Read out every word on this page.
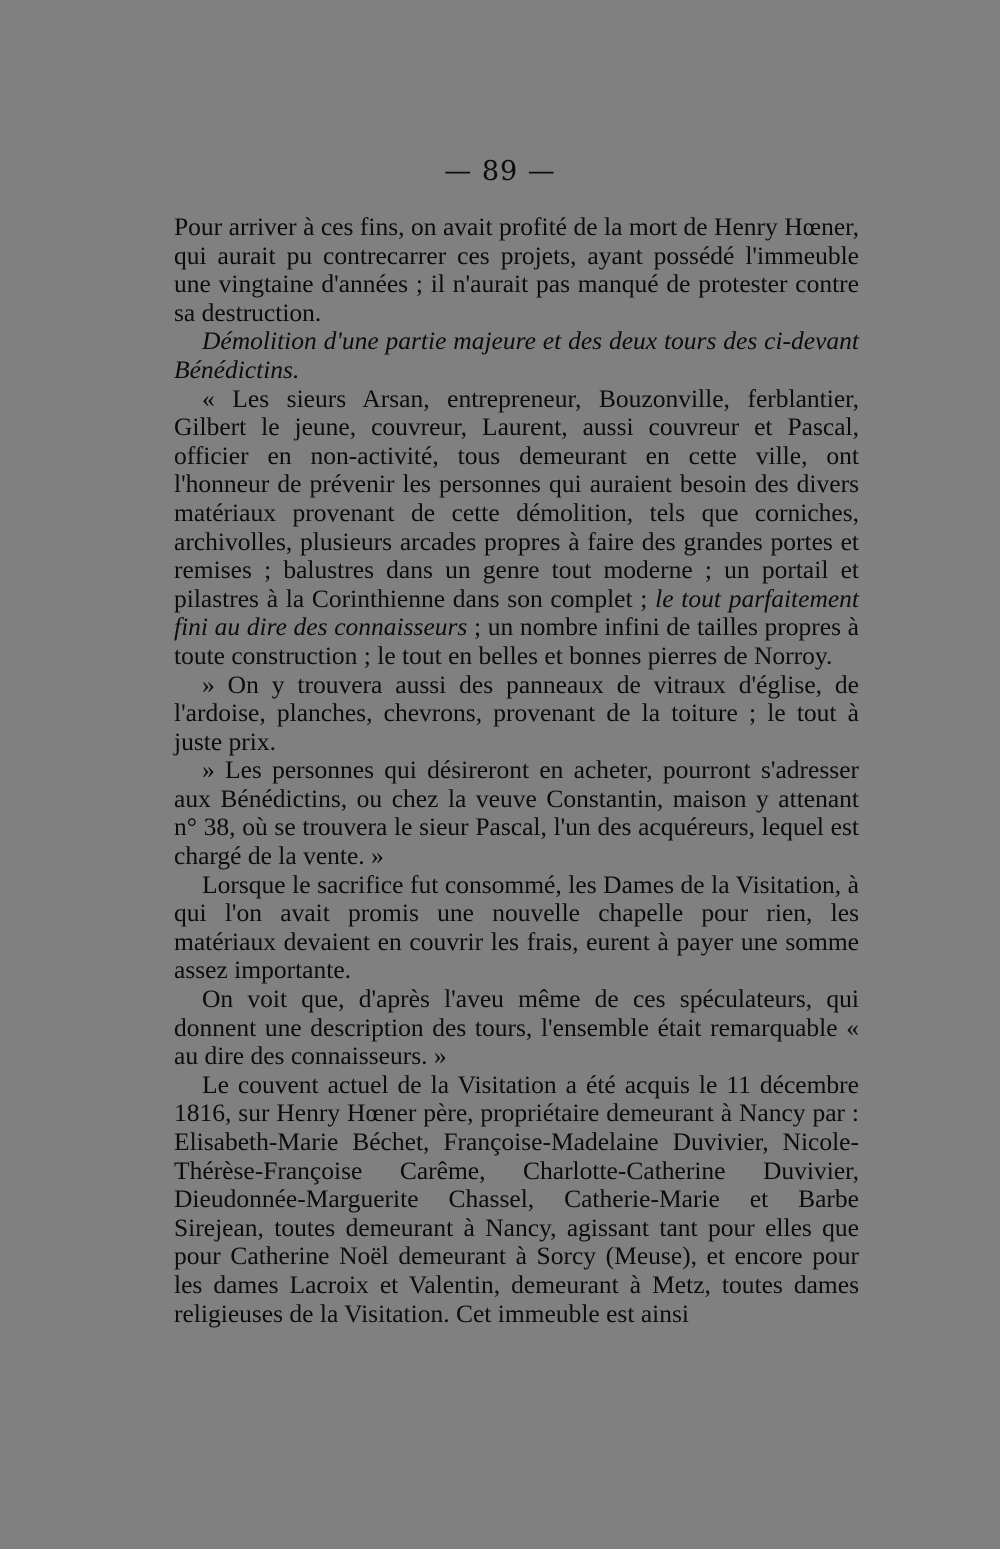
— 89 —

Pour arriver à ces fins, on avait profité de la mort de Henry Hœner, qui aurait pu contrecarrer ces projets, ayant possédé l'immeuble une vingtaine d'années ; il n'aurait pas manqué de protester contre sa destruction.

Démolition d'une partie majeure et des deux tours des ci-devant Bénédictins.

« Les sieurs Arsan, entrepreneur, Bouzonville, ferblantier, Gilbert le jeune, couvreur, Laurent, aussi couvreur et Pascal, officier en non-activité, tous demeurant en cette ville, ont l'honneur de prévenir les personnes qui auraient besoin des divers matériaux provenant de cette démolition, tels que corniches, archivolles, plusieurs arcades propres à faire des grandes portes et remises ; balustres dans un genre tout moderne ; un portail et pilastres à la Corinthienne dans son complet ; le tout parfaitement fini au dire des connaisseurs ; un nombre infini de tailles propres à toute construction ; le tout en belles et bonnes pierres de Norroy.

» On y trouvera aussi des panneaux de vitraux d'église, de l'ardoise, planches, chevrons, provenant de la toiture ; le tout à juste prix.

» Les personnes qui désireront en acheter, pourront s'adresser aux Bénédictins, ou chez la veuve Constantin, maison y attenant n° 38, où se trouvera le sieur Pascal, l'un des acquéreurs, lequel est chargé de la vente. »

Lorsque le sacrifice fut consommé, les Dames de la Visitation, à qui l'on avait promis une nouvelle chapelle pour rien, les matériaux devaient en couvrir les frais, eurent à payer une somme assez importante.

On voit que, d'après l'aveu même de ces spéculateurs, qui donnent une description des tours, l'ensemble était remarquable « au dire des connaisseurs. »

Le couvent actuel de la Visitation a été acquis le 11 décembre 1816, sur Henry Hœner père, propriétaire demeurant à Nancy par : Elisabeth-Marie Béchet, Françoise-Madelaine Duvivier, Nicole-Thérèse-Françoise Carême, Charlotte-Catherine Duvivier, Dieudonnée-Marguerite Chassel, Catherie-Marie et Barbe Sirejean, toutes demeurant à Nancy, agissant tant pour elles que pour Catherine Noël demeurant à Sorcy (Meuse), et encore pour les dames Lacroix et Valentin, demeurant à Metz, toutes dames religieuses de la Visitation. Cet immeuble est ainsi
